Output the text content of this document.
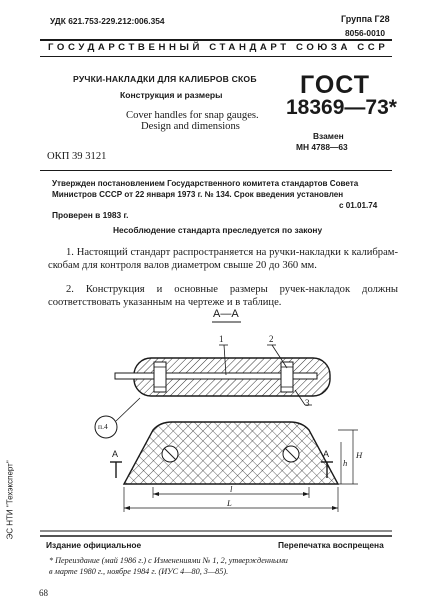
УДК 621.753-229.212:006.354	Группа Г28
8056-0010
ГОСУДАРСТВЕННЫЙ СТАНДАРТ СОЮЗА ССР
РУЧКИ-НАКЛАДКИ ДЛЯ КАЛИБРОВ СКОБ
Конструкция и размеры
Cover handles for snap gauges.
Design and dimensions
ГОСТ
18369—73*
Взамен
МН 4788—63
ОКП 39 3121
Утвержден постановлением Государственного комитета стандартов Совета
Министров СССР от 22 января 1973 г. № 134. Срок введения установлен
с 01.01.74
Проверен в 1983 г.
Несоблюдение стандарта преследуется по закону
1. Настоящий стандарт распространяется на ручки-накладки к калибрам-скобам для контроля валов диаметром свыше 20 до 360 мм.
2. Конструкция и основные размеры ручек-накладок должны соответствовать указанным на чертеже и в таблице.
А—А
1	2
3
п.4
А	А
h
H
l
L
Издание официальное	Перепечатка воспрещена
* Переиздание (май 1986 г.) с Изменениями № 1, 2, утвержденными
в марте 1980 г., ноябре 1984 г. (ИУС 4—80, 3—85).
68
ЭС НТИ "Техэксперт"
